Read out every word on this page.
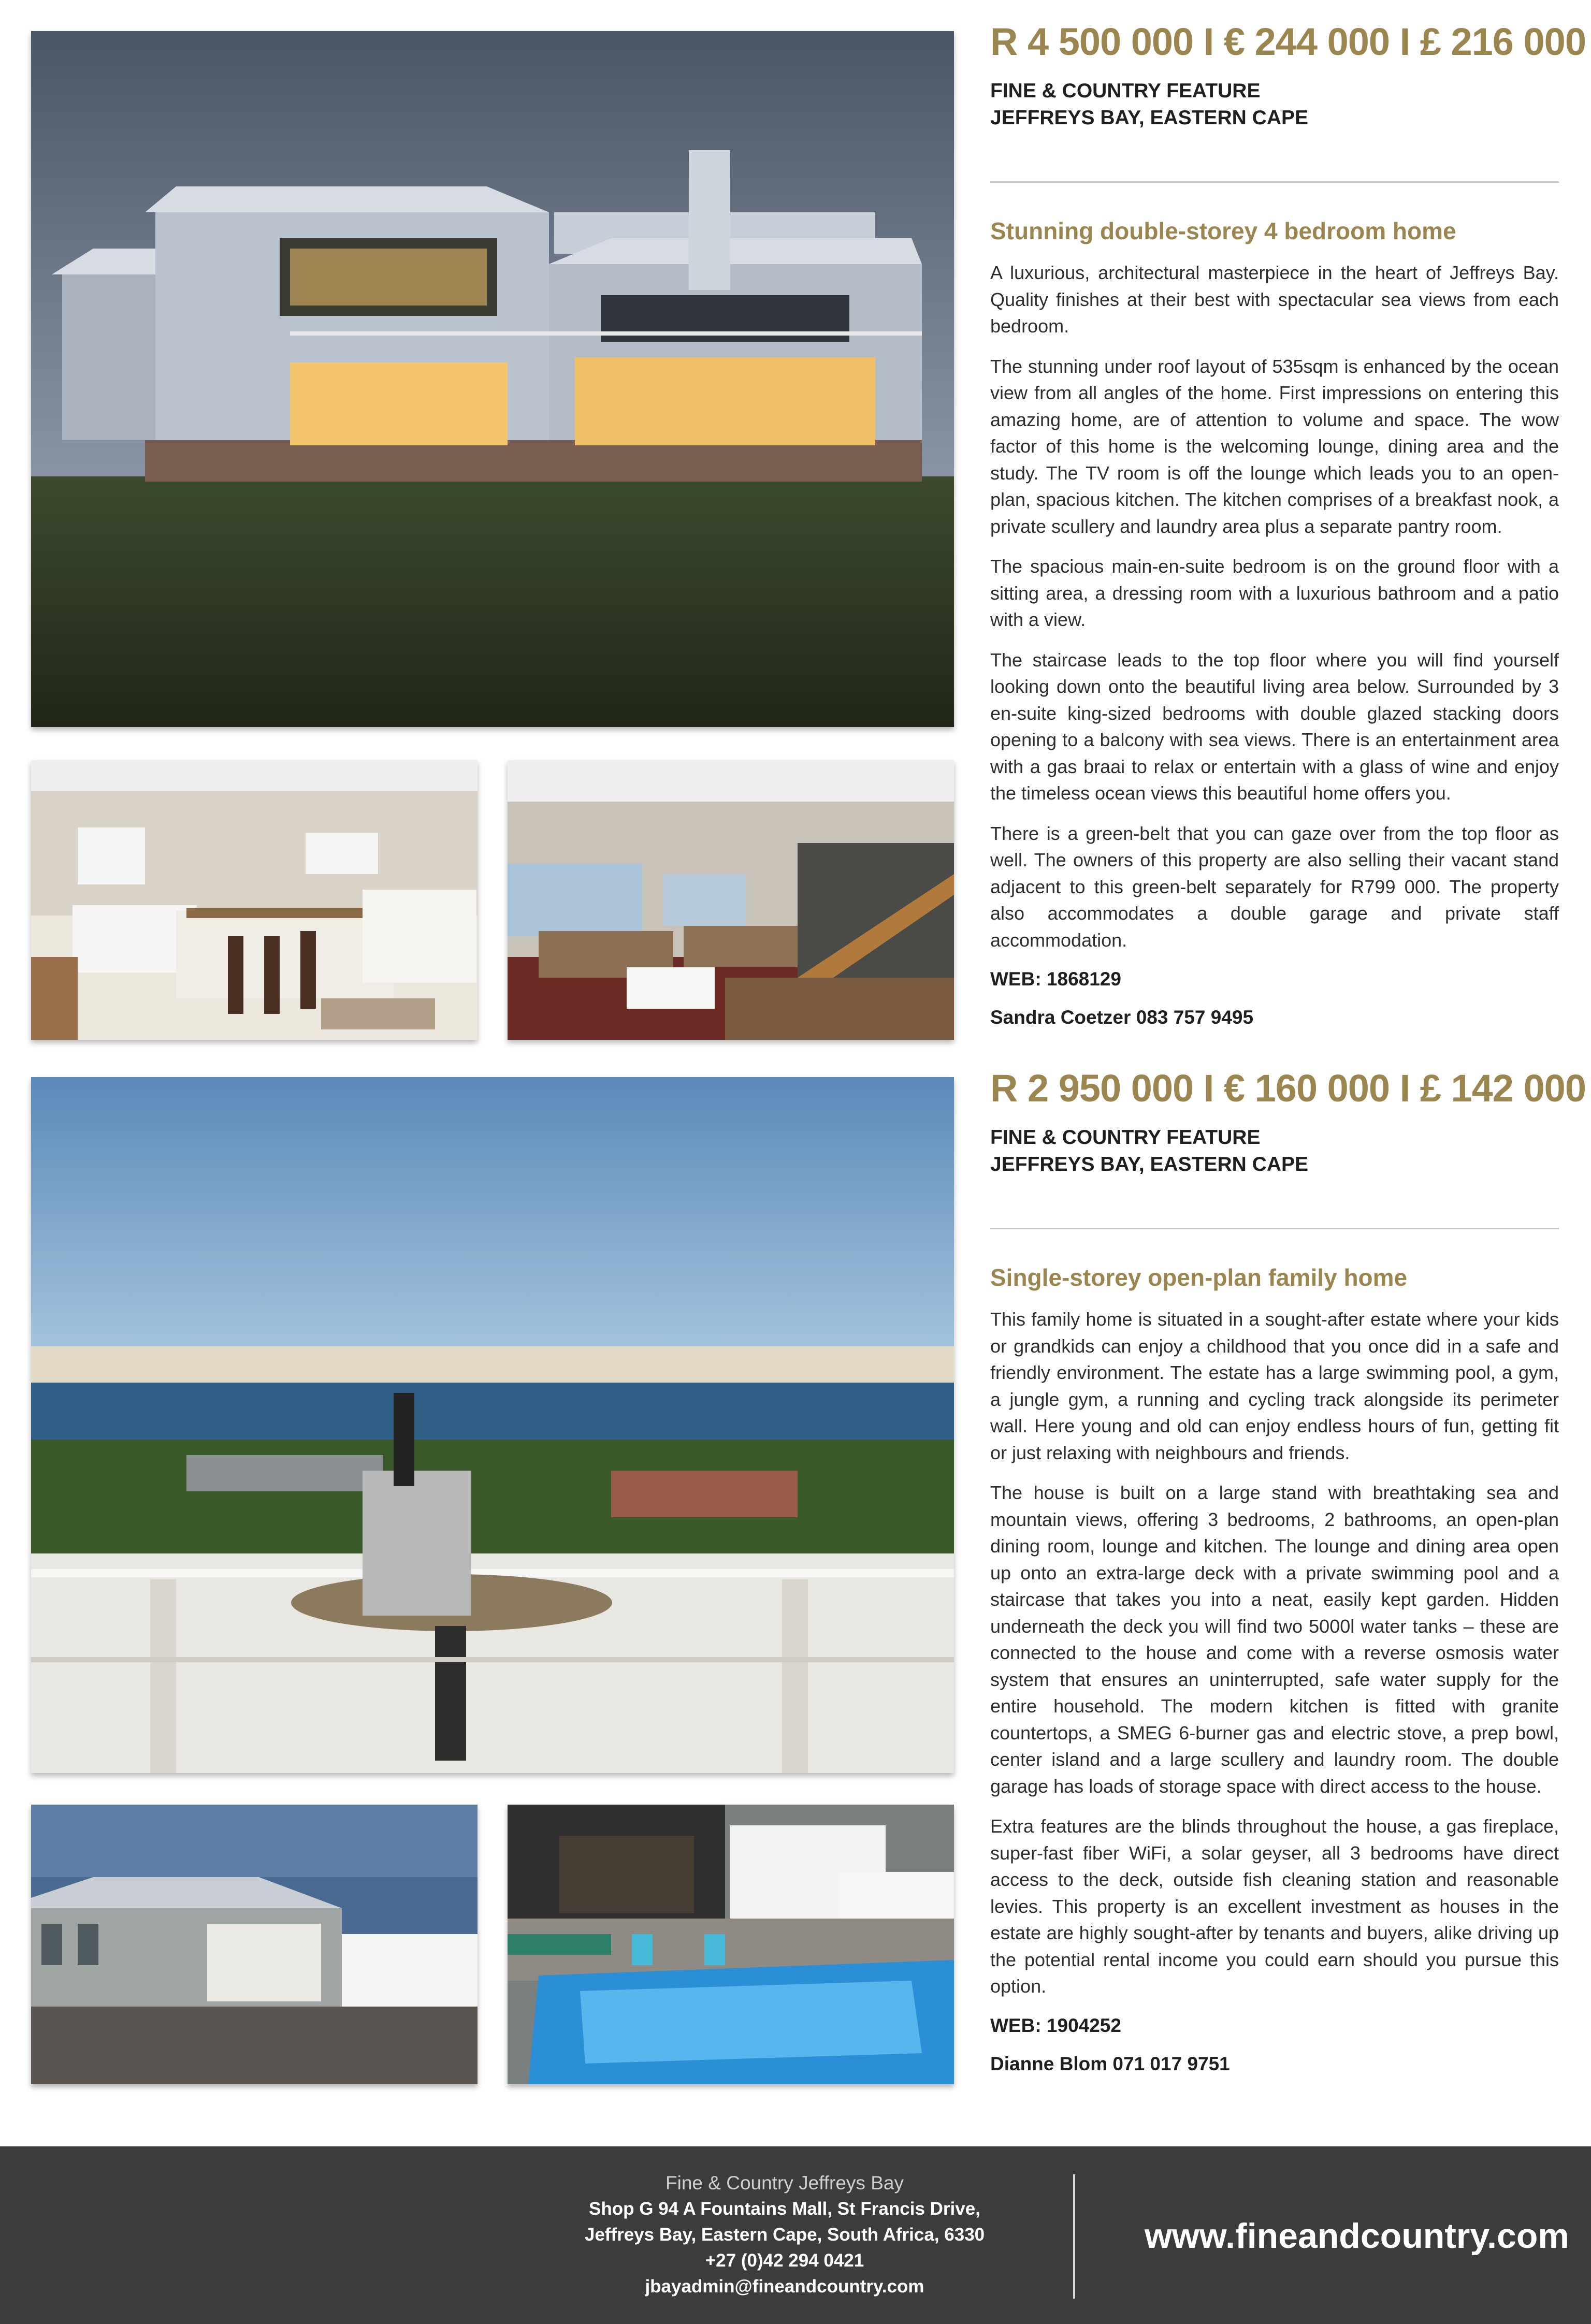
R 4 500 000 I € 244 000 I £ 216 000
FINE & COUNTRY FEATURE
JEFFREYS BAY, EASTERN CAPE
Stunning double-storey 4 bedroom home

A luxurious, architectural masterpiece in the heart of Jeffreys Bay. Quality finishes at their best with spectacular sea views from each bedroom.

The stunning under roof layout of 535sqm is enhanced by the ocean view from all angles of the home. First impressions on entering this amazing home, are of attention to volume and space. The wow factor of this home is the welcoming lounge, dining area and the study. The TV room is off the lounge which leads you to an open-plan, spacious kitchen. The kitchen comprises of a breakfast nook, a private scullery and laundry area plus a separate pantry room.

The spacious main-en-suite bedroom is on the ground floor with a sitting area, a dressing room with a luxurious bathroom and a patio with a view.

The staircase leads to the top floor where you will find yourself looking down onto the beautiful living area below. Surrounded by 3 en-suite king-sized bedrooms with double glazed stacking doors opening to a balcony with sea views. There is an entertainment area with a gas braai to relax or entertain with a glass of wine and enjoy the timeless ocean views this beautiful home offers you.

There is a green-belt that you can gaze over from the top floor as well. The owners of this property are also selling their vacant stand adjacent to this green-belt separately for R799 000. The property also accommodates a double garage and private staff accommodation.

WEB: 1868129
Sandra Coetzer 083 757 9495
R 2 950 000 I € 160 000 I £ 142 000
FINE & COUNTRY FEATURE
JEFFREYS BAY, EASTERN CAPE
Single-storey open-plan family home

This family home is situated in a sought-after estate where your kids or grandkids can enjoy a childhood that you once did in a safe and friendly environment. The estate has a large swimming pool, a gym, a jungle gym, a running and cycling track alongside its perimeter wall. Here young and old can enjoy endless hours of fun, getting fit or just relaxing with neighbours and friends.

The house is built on a large stand with breathtaking sea and mountain views, offering 3 bedrooms, 2 bathrooms, an open-plan dining room, lounge and kitchen. The lounge and dining area open up onto an extra-large deck with a private swimming pool and a staircase that takes you into a neat, easily kept garden. Hidden underneath the deck you will find two 5000l water tanks – these are connected to the house and come with a reverse osmosis water system that ensures an uninterrupted, safe water supply for the entire household. The modern kitchen is fitted with granite countertops, a SMEG 6-burner gas and electric stove, a prep bowl, center island and a large scullery and laundry room. The double garage has loads of storage space with direct access to the house.

Extra features are the blinds throughout the house, a gas fireplace, super-fast fiber WiFi, a solar geyser, all 3 bedrooms have direct access to the deck, outside fish cleaning station and reasonable levies. This property is an excellent investment as houses in the estate are highly sought-after by tenants and buyers, alike driving up the potential rental income you could earn should you pursue this option.

WEB: 1904252
Dianne Blom 071 017 9751
Fine & Country Jeffreys Bay
Shop G 94 A Fountains Mall, St Francis Drive,
Jeffreys Bay, Eastern Cape, South Africa, 6330
+27 (0)42 294 0421
jbayadmin@fineandcountry.com
www.fineandcountry.com
